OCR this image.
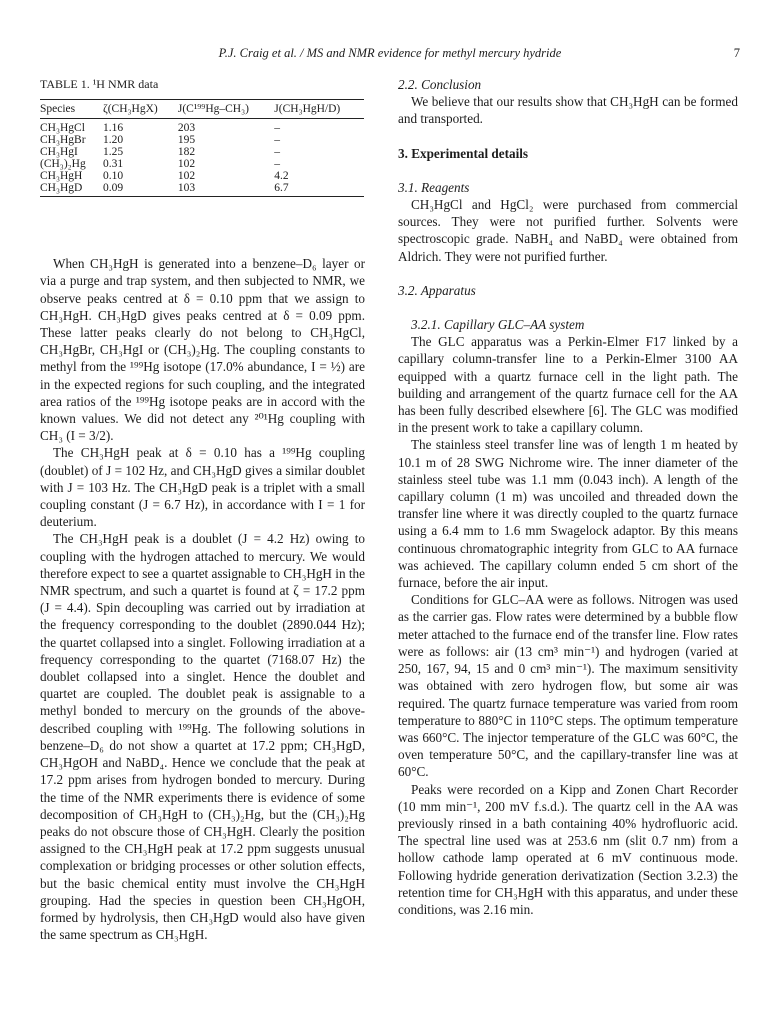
P.J. Craig et al. / MS and NMR evidence for methyl mercury hydride	7
TABLE 1. ¹H NMR data
Species	ζ(CH₃HgX)	J(C¹⁹⁹Hg–CH₃)	J(CH₃HgH/D)
CH₃HgCl	1.16	203	–
CH₃HgBr	1.20	195	–
CH₃HgI	1.25	182	–
(CH₃)₂Hg	0.31	102	–
CH₃HgH	0.10	102	4.2
CH₃HgD	0.09	103	6.7

When CH₃HgH is generated into a benzene–D₆ layer or via a purge and trap system, and then subjected to NMR, we observe peaks centred at δ = 0.10 ppm that we assign to CH₃HgH. CH₃HgD gives peaks centred at δ = 0.09 ppm. These latter peaks clearly do not belong to CH₃HgCl, CH₃HgBr, CH₃HgI or (CH₃)₂Hg. The coupling constants to methyl from the ¹⁹⁹Hg isotope (17.0% abundance, I = ½) are in the expected regions for such coupling, and the integrated area ratios of the ¹⁹⁹Hg isotope peaks are in accord with the known values. We did not detect any ²⁰¹Hg coupling with CH₃ (I = 3/2).

The CH₃HgH peak at δ = 0.10 has a ¹⁹⁹Hg coupling (doublet) of J = 102 Hz, and CH₃HgD gives a similar doublet with J = 103 Hz. The CH₃HgD peak is a triplet with a small coupling constant (J = 6.7 Hz), in accordance with I = 1 for deuterium.

The CH₃HgH peak is a doublet (J = 4.2 Hz) owing to coupling with the hydrogen attached to mercury. We would therefore expect to see a quartet assignable to CH₃HgH in the NMR spectrum, and such a quartet is found at ζ = 17.2 ppm (J = 4.4). Spin decoupling was carried out by irradiation at the frequency corresponding to the doublet (2890.044 Hz); the quartet collapsed into a singlet. Following irradiation at a frequency corresponding to the quartet (7168.07 Hz) the doublet collapsed into a singlet. Hence the doublet and quartet are coupled. The doublet peak is assignable to a methyl bonded to mercury on the grounds of the above-described coupling with ¹⁹⁹Hg. The following solutions in benzene–D₆ do not show a quartet at 17.2 ppm; CH₃HgD, CH₃HgOH and NaBD₄. Hence we conclude that the peak at 17.2 ppm arises from hydrogen bonded to mercury. During the time of the NMR experiments there is evidence of some decomposition of CH₃HgH to (CH₃)₂Hg, but the (CH₃)₂Hg peaks do not obscure those of CH₃HgH. Clearly the position assigned to the CH₃HgH peak at 17.2 ppm suggests unusual complexation or bridging processes or other solution effects, but the basic chemical entity must involve the CH₃HgH grouping. Had the species in question been CH₃HgOH, formed by hydrolysis, then CH₃HgD would also have given the same spectrum as CH₃HgH.

2.2. Conclusion

We believe that our results show that CH₃HgH can be formed and transported.

3. Experimental details
3.1. Reagents

CH₃HgCl and HgCl₂ were purchased from commercial sources. They were not purified further. Solvents were spectroscopic grade. NaBH₄ and NaBD₄ were obtained from Aldrich. They were not purified further.

3.2. Apparatus
3.2.1. Capillary GLC–AA system

The GLC apparatus was a Perkin-Elmer F17 linked by a capillary column-transfer line to a Perkin-Elmer 3100 AA equipped with a quartz furnace cell in the light path. The building and arrangement of the quartz furnace cell for the AA has been fully described elsewhere [6]. The GLC was modified in the present work to take a capillary column.

The stainless steel transfer line was of length 1 m heated by 10.1 m of 28 SWG Nichrome wire. The inner diameter of the stainless steel tube was 1.1 mm (0.043 inch). A length of the capillary column (1 m) was uncoiled and threaded down the transfer line where it was directly coupled to the quartz furnace using a 6.4 mm to 1.6 mm Swagelock adaptor. By this means continuous chromatographic integrity from GLC to AA furnace was achieved. The capillary column ended 5 cm short of the furnace, before the air input.

Conditions for GLC–AA were as follows. Nitrogen was used as the carrier gas. Flow rates were determined by a bubble flow meter attached to the furnace end of the transfer line. Flow rates were as follows: air (13 cm³ min⁻¹) and hydrogen (varied at 250, 167, 94, 15 and 0 cm³ min⁻¹). The maximum sensitivity was obtained with zero hydrogen flow, but some air was required. The quartz furnace temperature was varied from room temperature to 880°C in 110°C steps. The optimum temperature was 660°C. The injector temperature of the GLC was 60°C, the oven temperature 50°C, and the capillary-transfer line was at 60°C.

Peaks were recorded on a Kipp and Zonen Chart Recorder (10 mm min⁻¹, 200 mV f.s.d.). The quartz cell in the AA was previously rinsed in a bath containing 40% hydrofluoric acid. The spectral line used was at 253.6 nm (slit 0.7 nm) from a hollow cathode lamp operated at 6 mV continuous mode. Following hydride generation derivatization (Section 3.2.3) the retention time for CH₃HgH with this apparatus, and under these conditions, was 2.16 min.
